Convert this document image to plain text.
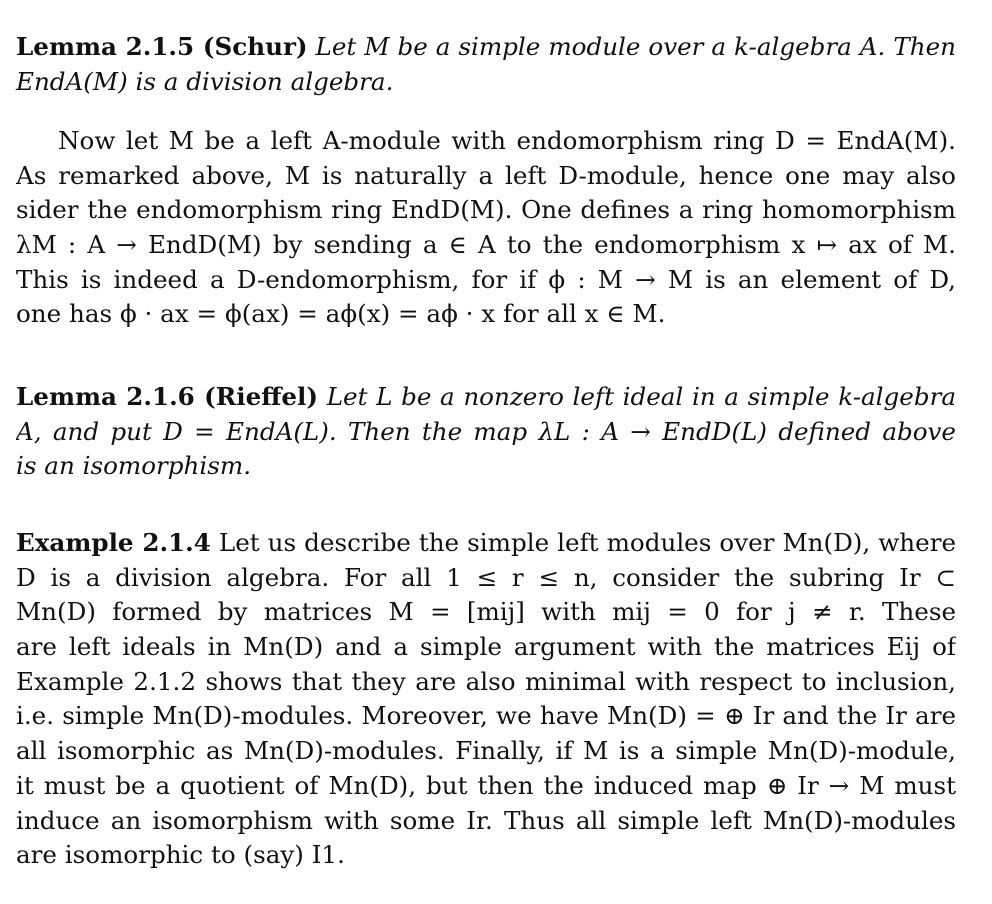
Lemma 2.1.5 (Schur) Let M be a simple module over a k-algebra A. Then
EndA(M) is a division algebra.
Now let M be a left A-module with endomorphism ring D = EndA(M).
As remarked above, M is naturally a left D-module, hence one may also
sider the endomorphism ring EndD(M). One defines a ring homomorphism
λM : A → EndD(M) by sending a ∈ A to the endomorphism x ↦ ax of M.
This is indeed a D-endomorphism, for if ϕ : M → M is an element of D,
one has ϕ · ax = ϕ(ax) = aϕ(x) = aϕ · x for all x ∈ M.
Lemma 2.1.6 (Rieffel) Let L be a nonzero left ideal in a simple k-algebra
A, and put D = EndA(L). Then the map λL : A → EndD(L) defined above
is an isomorphism.
Example 2.1.4 Let us describe the simple left modules over Mn(D), where
D is a division algebra. For all 1 ≤ r ≤ n, consider the subring Ir ⊂
Mn(D) formed by matrices M = [mij] with mij = 0 for j ≠ r. These
are left ideals in Mn(D) and a simple argument with the matrices Eij of
Example 2.1.2 shows that they are also minimal with respect to inclusion,
i.e. simple Mn(D)-modules. Moreover, we have Mn(D) = ⊕ Ir and the Ir are
all isomorphic as Mn(D)-modules. Finally, if M is a simple Mn(D)-module,
it must be a quotient of Mn(D), but then the induced map ⊕ Ir → M must
induce an isomorphism with some Ir. Thus all simple left Mn(D)-modules
are isomorphic to (say) I1.
